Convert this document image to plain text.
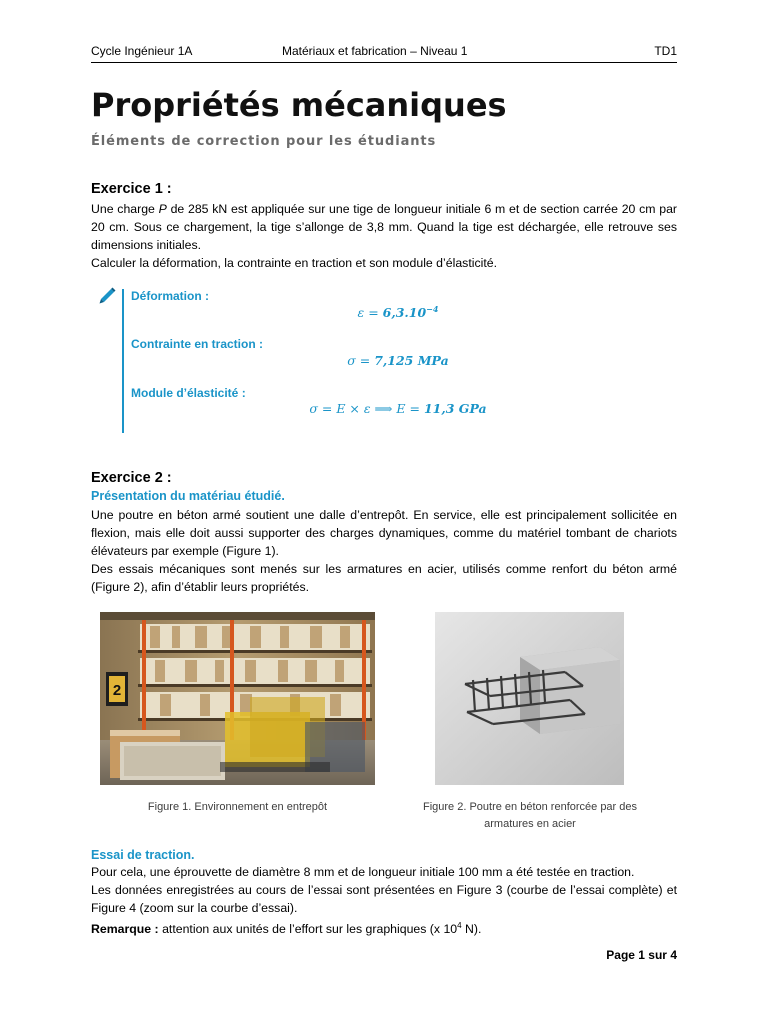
Cycle Ingénieur 1A	Matériaux et fabrication – Niveau 1	TD1
Propriétés mécaniques
Éléments de correction pour les étudiants
Exercice 1 :

Une charge P de 285 kN est appliquée sur une tige de longueur initiale 6 m et de section carrée 20 cm par 20 cm. Sous ce chargement, la tige s’allonge de 3,8 mm. Quand la tige est déchargée, elle retrouve ses dimensions initiales.

Calculer la déformation, la contrainte en traction et son module d’élasticité.

Déformation :
$\varepsilon = 6,3.10^{-4}$
Contrainte en traction :
σ = 7,125 MPa
Module d’élasticité :
σ = E × ε ⟹ E = 11,3 GPa
Exercice 2 :
Présentation du matériau étudié.

Une poutre en béton armé soutient une dalle d’entrepôt. En service, elle est principalement sollicitée en flexion, mais elle doit aussi supporter des charges dynamiques, comme du matériel tombant de chariots élévateurs par exemple (Figure 1).

Des essais mécaniques sont menés sur les armatures en acier, utilisés comme renfort du béton armé (Figure 2), afin d’établir leurs propriétés.

2
Figure 1. Environnement en entrepôt	Figure 2. Poutre en béton renforcée par des
armatures en acier
Essai de traction.

Pour cela, une éprouvette de diamètre 8 mm et de longueur initiale 100 mm a été testée en traction.

Les données enregistrées au cours de l’essai sont présentées en Figure 3 (courbe de l’essai complète) et Figure 4 (zoom sur la courbe d’essai).

Remarque : attention aux unités de l’effort sur les graphiques (x $10^4$ N).

Page 1 sur 4
